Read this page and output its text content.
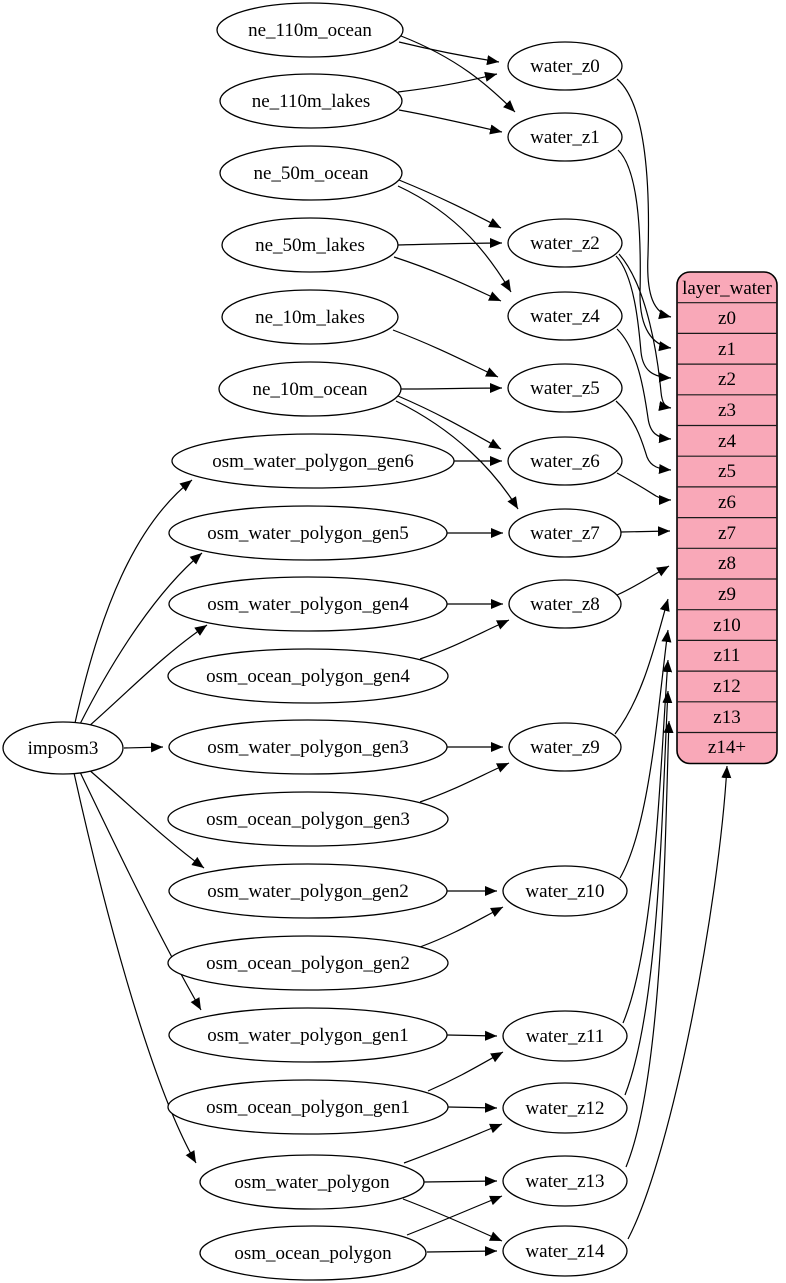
layer_water
z0
z1
z2
z3
z4
z5
z6
z7
z8
z9
z10
z11
z12
z13
z14+
imposm3
ne_110m_ocean
ne_110m_lakes
ne_50m_ocean
ne_50m_lakes
ne_10m_lakes
ne_10m_ocean
osm_water_polygon_gen6
osm_water_polygon_gen5
osm_water_polygon_gen4
osm_ocean_polygon_gen4
osm_water_polygon_gen3
osm_ocean_polygon_gen3
osm_water_polygon_gen2
osm_ocean_polygon_gen2
osm_water_polygon_gen1
osm_ocean_polygon_gen1
osm_water_polygon
osm_ocean_polygon
water_z0
water_z1
water_z2
water_z4
water_z5
water_z6
water_z7
water_z8
water_z9
water_z10
water_z11
water_z12
water_z13
water_z14
